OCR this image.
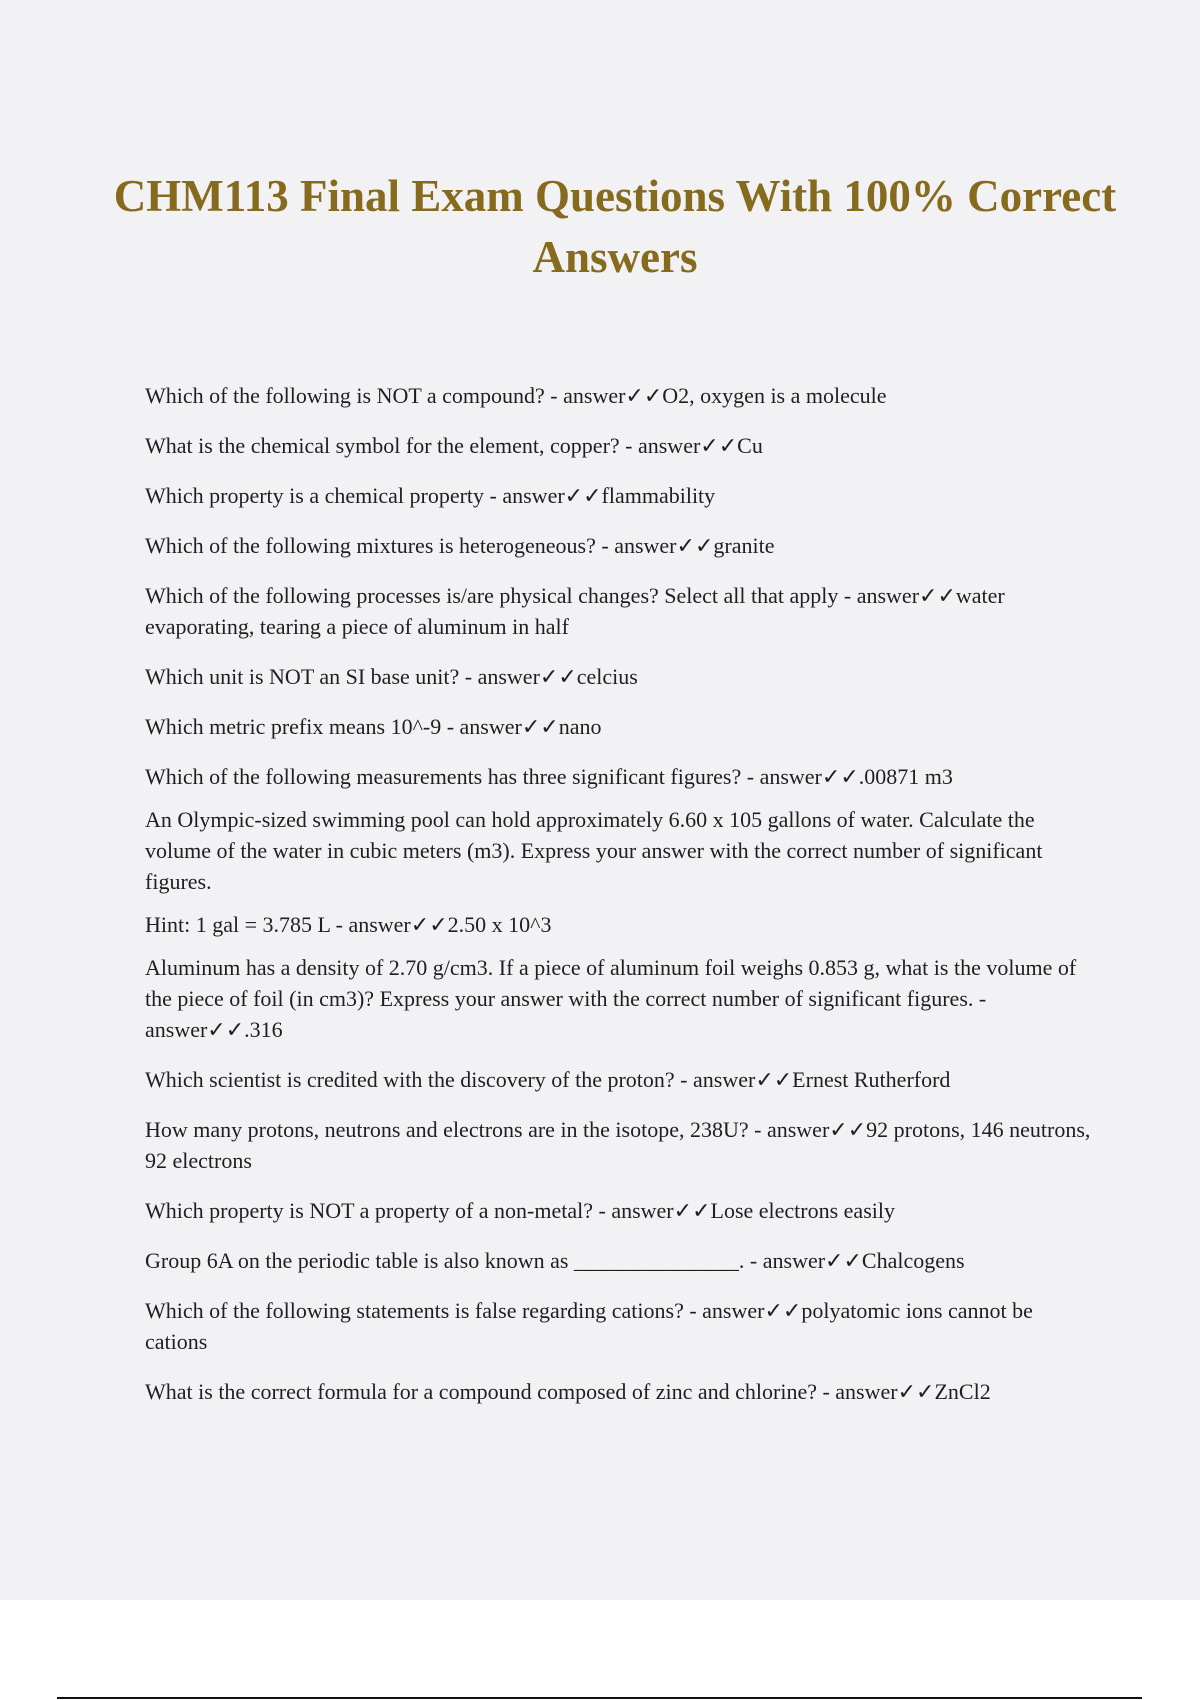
CHM113 Final Exam Questions With 100% Correct Answers

Which of the following is NOT a compound? - answer✓✓O2, oxygen is a molecule

What is the chemical symbol for the element, copper? - answer✓✓Cu

Which property is a chemical property - answer✓✓flammability

Which of the following mixtures is heterogeneous? - answer✓✓granite

Which of the following processes is/are physical changes? Select all that apply - answer✓✓water evaporating, tearing a piece of aluminum in half

Which unit is NOT an SI base unit? - answer✓✓celcius

Which metric prefix means 10^-9 - answer✓✓nano

Which of the following measurements has three significant figures? - answer✓✓.00871 m3

An Olympic-sized swimming pool can hold approximately 6.60 x 105 gallons of water. Calculate the volume of the water in cubic meters (m3). Express your answer with the correct number of significant figures.

Hint: 1 gal = 3.785 L - answer✓✓2.50 x 10^3

Aluminum has a density of 2.70 g/cm3. If a piece of aluminum foil weighs 0.853 g, what is the volume of the piece of foil (in cm3)? Express your answer with the correct number of significant figures. - answer✓✓.316

Which scientist is credited with the discovery of the proton? - answer✓✓Ernest Rutherford

How many protons, neutrons and electrons are in the isotope, 238U? - answer✓✓92 protons, 146 neutrons, 92 electrons

Which property is NOT a property of a non-metal? - answer✓✓Lose electrons easily

Group 6A on the periodic table is also known as _______________. - answer✓✓Chalcogens

Which of the following statements is false regarding cations? - answer✓✓polyatomic ions cannot be cations

What is the correct formula for a compound composed of zinc and chlorine? - answer✓✓ZnCl2
